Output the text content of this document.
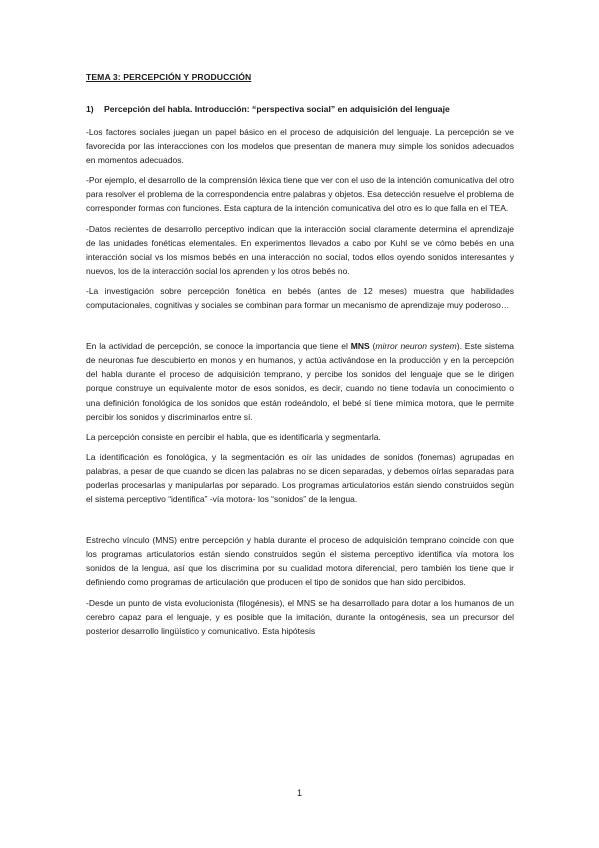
TEMA 3: PERCEPCIÓN Y PRODUCCIÓN
1) Percepción del habla. Introducción: “perspectiva social” en adquisición del lenguaje

-Los factores sociales juegan un papel básico en el proceso de adquisición del lenguaje. La percepción se ve favorecida por las interacciones con los modelos que presentan de manera muy simple los sonidos adecuados en momentos adecuados.

-Por ejemplo, el desarrollo de la comprensión léxica tiene que ver con el uso de la intención comunicativa del otro para resolver el problema de la correspondencia entre palabras y objetos. Esa detección resuelve el problema de corresponder formas con funciones. Esta captura de la intención comunicativa del otro es lo que falla en el TEA.

-Datos recientes de desarrollo perceptivo indican que la interacción social claramente determina el aprendizaje de las unidades fonéticas elementales. En experimentos llevados a cabo por Kuhl se ve cómo bebés en una interacción social vs los mismos bebés en una interacción no social, todos ellos oyendo sonidos interesantes y nuevos, los de la interacción social los aprenden y los otros bebés no.

-La investigación sobre percepción fonética en bebés (antes de 12 meses) muestra que habilidades computacionales, cognitivas y sociales se combinan para formar un mecanismo de aprendizaje muy poderoso…

En la actividad de percepción, se conoce la importancia que tiene el MNS (mirror neuron system). Este sistema de neuronas fue descubierto en monos y en humanos, y actúa activándose en la producción y en la percepción del habla durante el proceso de adquisición temprano, y percibe los sonidos del lenguaje que se le dirigen porque construye un equivalente motor de esos sonidos, es decir, cuando no tiene todavía un conocimiento o una definición fonológica de los sonidos que están rodeándolo, el bebé sí tiene mímica motora, que le permite percibir los sonidos y discriminarlos entre sí.

La percepción consiste en percibir el habla, que es identificarla y segmentarla.

La identificación es fonológica, y la segmentación es oír las unidades de sonidos (fonemas) agrupadas en palabras, a pesar de que cuando se dicen las palabras no se dicen separadas, y debemos oírlas separadas para poderlas procesarlas y manipularlas por separado. Los programas articulatorios están siendo construidos según el sistema perceptivo “identifica” -vía motora- los “sonidos” de la lengua.

Estrecho vínculo (MNS) entre percepción y habla durante el proceso de adquisición temprano coincide con que los programas articulatorios están siendo construidos según el sistema perceptivo identifica vía motora los sonidos de la lengua, así que los discrimina por su cualidad motora diferencial, pero también los tiene que ir definiendo como programas de articulación que producen el tipo de sonidos que han sido percibidos.

-Desde un punto de vista evolucionista (filogénesis), el MNS se ha desarrollado para dotar a los humanos de un cerebro capaz para el lenguaje, y es posible que la imitación, durante la ontogénesis, sea un precursor del posterior desarrollo lingüístico y comunicativo. Esta hipótesis

1
